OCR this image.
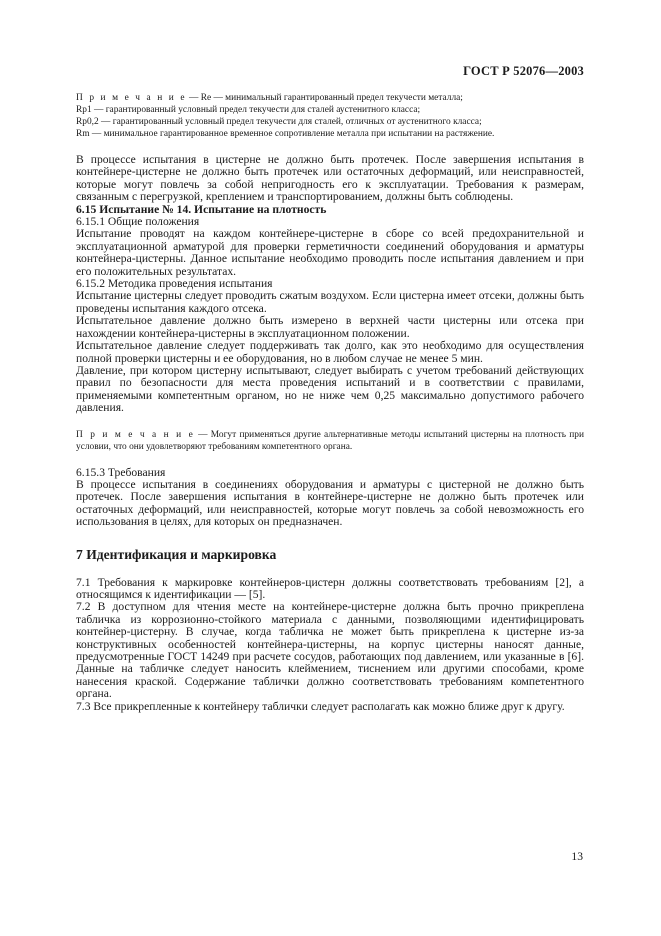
ГОСТ Р 52076—2003

П р и м е ч а н и е — Re — минимальный гарантированный предел текучести металла;

Rp1 — гарантированный условный предел текучести для сталей аустенитного класса;

Rp0,2 — гарантированный условный предел текучести для сталей, отличных от аустенитного класса;

Rm — минимальное гарантированное временное сопротивление металла при испытании на растяжение.

В процессе испытания в цистерне не должно быть протечек. После завершения испытания в контейнере-цистерне не должно быть протечек или остаточных деформаций, или неисправностей, которые могут повлечь за собой непригодность его к эксплуатации. Требования к размерам, связанным с перегрузкой, креплением и транспортированием, должны быть соблюдены.

6.15 Испытание № 14. Испытание на плотность

6.15.1 Общие положения

Испытание проводят на каждом контейнере-цистерне в сборе со всей предохранительной и эксплуатационной арматурой для проверки герметичности соединений оборудования и арматуры контейнера-цистерны. Данное испытание необходимо проводить после испытания давлением и при его положительных результатах.

6.15.2 Методика проведения испытания

Испытание цистерны следует проводить сжатым воздухом. Если цистерна имеет отсеки, должны быть проведены испытания каждого отсека.

Испытательное давление должно быть измерено в верхней части цистерны или отсека при нахождении контейнера-цистерны в эксплуатационном положении.

Испытательное давление следует поддерживать так долго, как это необходимо для осуществления полной проверки цистерны и ее оборудования, но в любом случае не менее 5 мин.

Давление, при котором цистерну испытывают, следует выбирать с учетом требований действующих правил по безопасности для места проведения испытаний и в соответствии с правилами, применяемыми компетентным органом, но не ниже чем 0,25 максимально допустимого рабочего давления.

П р и м е ч а н и е — Могут применяться другие альтернативные методы испытаний цистерны на плотность при условии, что они удовлетворяют требованиям компетентного органа.

6.15.3 Требования

В процессе испытания в соединениях оборудования и арматуры с цистерной не должно быть протечек. После завершения испытания в контейнере-цистерне не должно быть протечек или остаточных деформаций, или неисправностей, которые могут повлечь за собой невозможность его использования в целях, для которых он предназначен.

7 Идентификация и маркировка

7.1 Требования к маркировке контейнеров-цистерн должны соответствовать требованиям [2], а относящимся к идентификации — [5].

7.2 В доступном для чтения месте на контейнере-цистерне должна быть прочно прикреплена табличка из коррозионно-стойкого материала с данными, позволяющими идентифицировать контейнер-цистерну. В случае, когда табличка не может быть прикреплена к цистерне из-за конструктивных особенностей контейнера-цистерны, на корпус цистерны наносят данные, предусмотренные ГОСТ 14249 при расчете сосудов, работающих под давлением, или указанные в [6]. Данные на табличке следует наносить клеймением, тиснением или другими способами, кроме нанесения краской. Содержание таблички должно соответствовать требованиям компетентного органа.

7.3 Все прикрепленные к контейнеру таблички следует располагать как можно ближе друг к другу.

13
